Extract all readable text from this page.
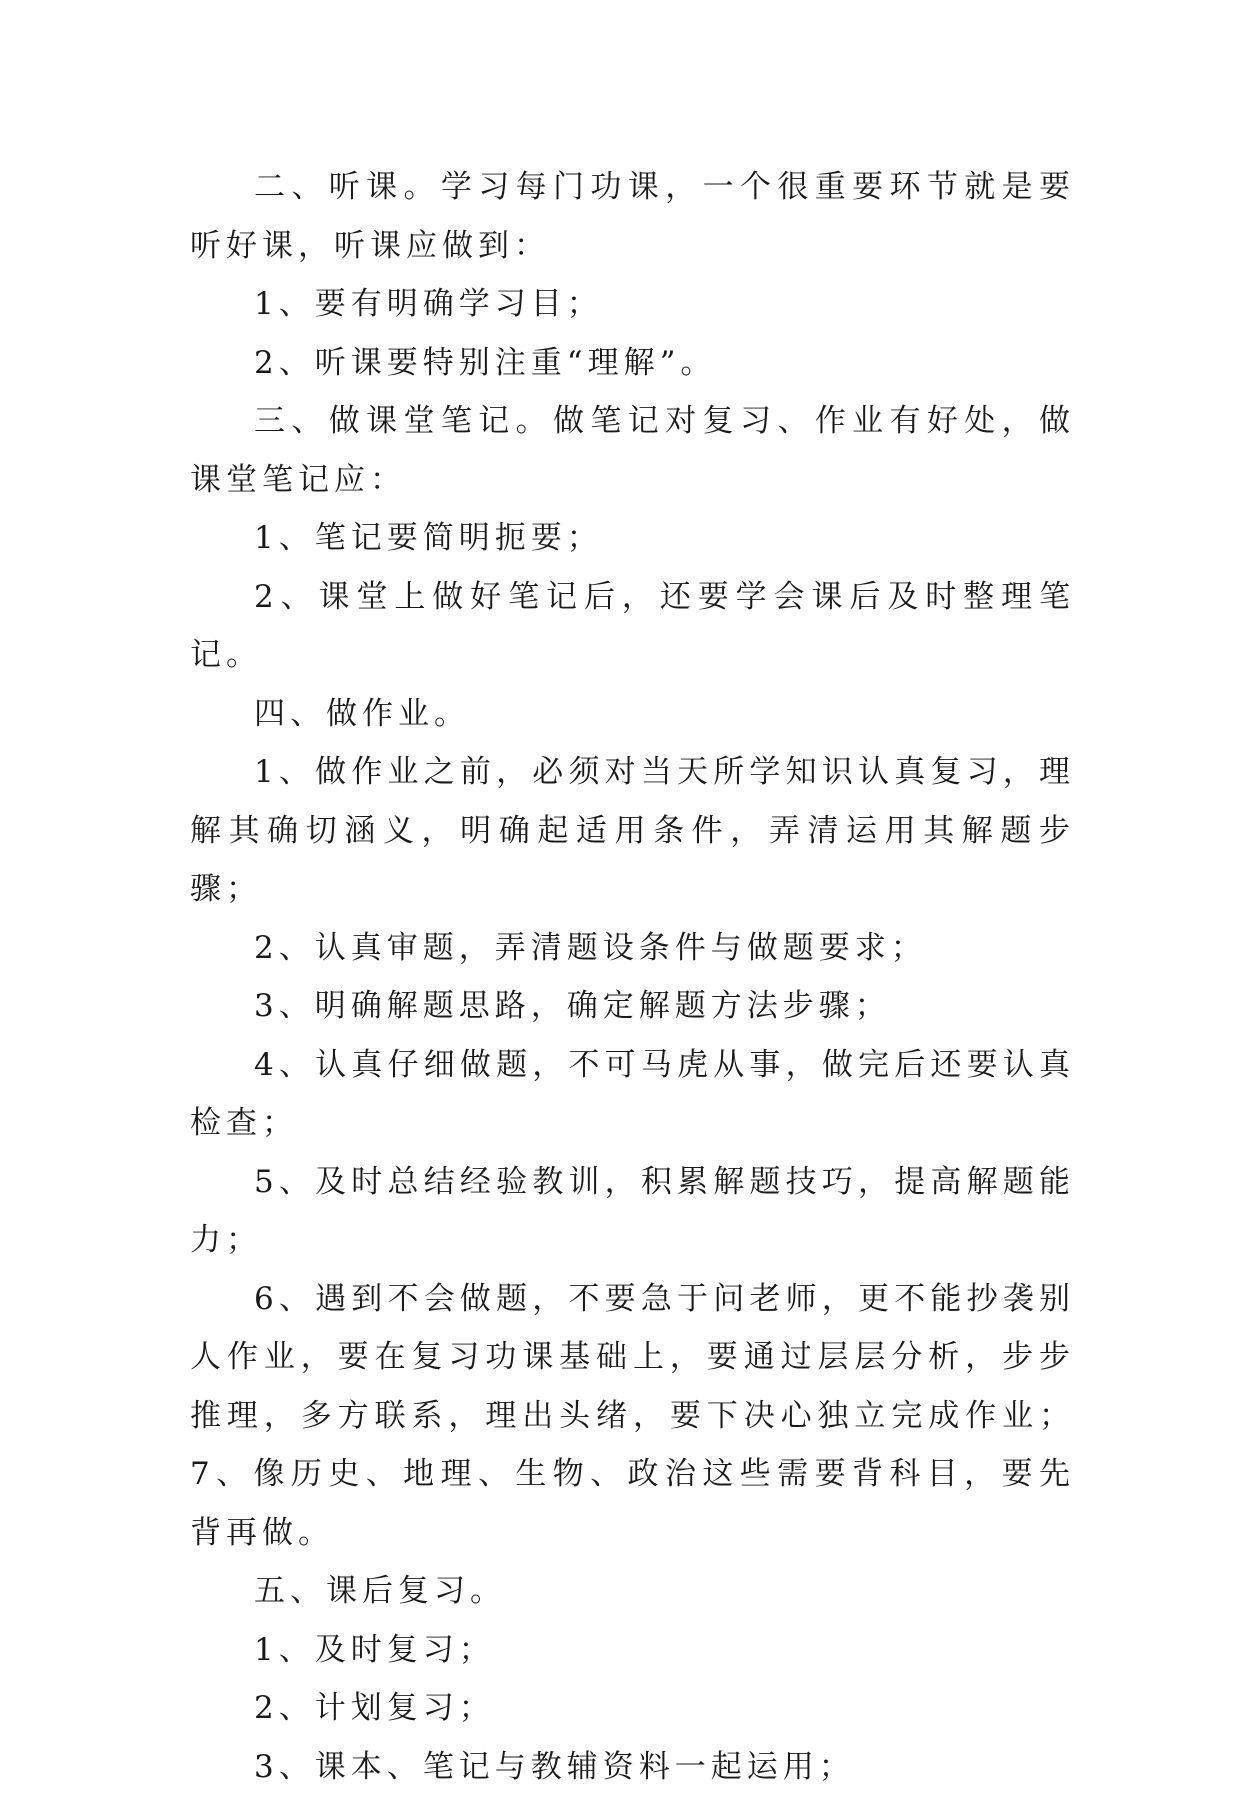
二、听课。学习每门功课，一个很重要环节就是要听好课，听课应做到：

1、要有明确学习目；

2、听课要特别注重“理解”。

三、做课堂笔记。做笔记对复习、作业有好处，做课堂笔记应：

1、笔记要简明扼要；

2、课堂上做好笔记后，还要学会课后及时整理笔记。

四、做作业。

1、做作业之前，必须对当天所学知识认真复习，理解其确切涵义，明确起适用条件，弄清运用其解题步骤；

2、认真审题，弄清题设条件与做题要求；

3、明确解题思路，确定解题方法步骤；

4、认真仔细做题，不可马虎从事，做完后还要认真检查；

5、及时总结经验教训，积累解题技巧，提高解题能力；

6、遇到不会做题，不要急于问老师，更不能抄袭别人作业，要在复习功课基础上，要通过层层分析，步步推理，多方联系，理出头绪，要下决心独立完成作业；7、像历史、地理、生物、政治这些需要背科目，要先背再做。

五、课后复习。

1、及时复习；

2、计划复习；

3、课本、笔记与教辅资料一起运用；
